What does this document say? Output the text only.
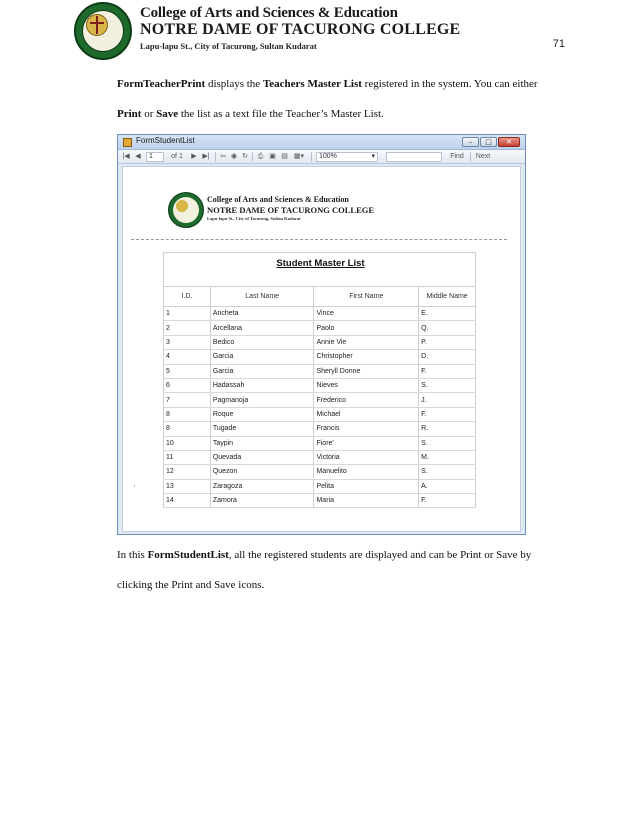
College of Arts and Sciences & Education
NOTRE DAME OF TACURONG COLLEGE
Lapu-lapu St., City of Tacurong, Sultan Kudarat	71

FormTeacherPrint displays the Teachers Master List registered in the system. You can either Print or Save the list as a text file the Teacher’s Master List.

FormStudentList	–	□	✕
|◀ ◀	1	of 1	▶ ▶| ⇦ ◉ ↻ ⎙ ▣ ▤ ▦▾	100%	▾	Find	Next
College of Arts and Sciences & Education
NOTRE DAME OF TACURONG COLLEGE
Lapu-lapu St., City of Tacurong, Sultan Kudarat
Student Master List
I.D.	Last Name	First Name	Middle Name
1	Ancheta	Vince	E.
2	Arcellana	Paolo	Q.
3	Bedico	Annie Vie	P.
4	Garcia	Christopher	D.
5	Garcia	Sheryll Donne	F.
6	Hadassah	Nieves	S.
7	Pagmanoja	Frederico	J.
8	Roque	Michael	F.
8	Tugade	Francis	R.
10	Taypin	Fiore'	S.
11	Quevada	Victoria	M.
12	Quezon	Manuelito	S.
13	Zaragoza	Pelita	A.
14	Zamora	Maria	F.
'

In this FormStudentList, all the registered students are displayed and can be Print or Save by clicking the Print and Save icons.
